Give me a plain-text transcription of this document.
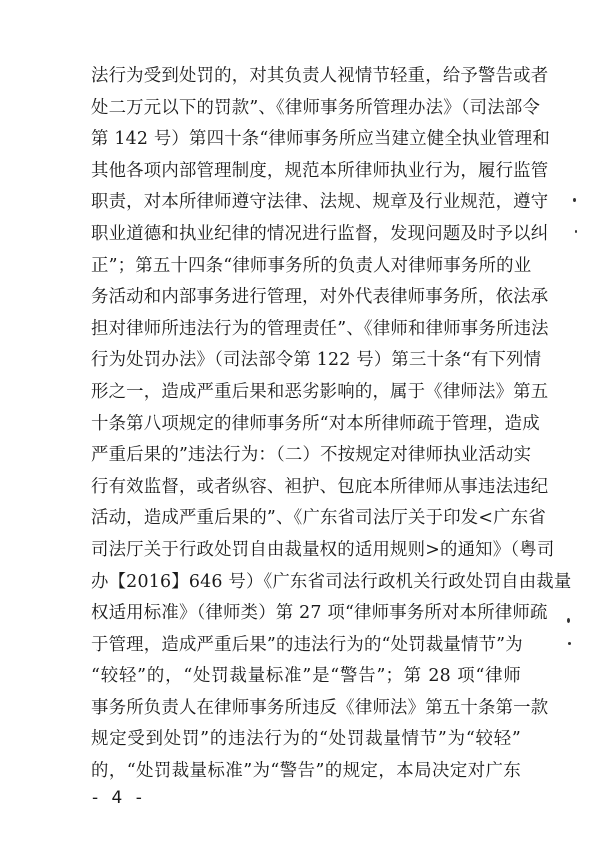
法行为受到处罚的，对其负责人视情节轻重，给予警告或者
处二万元以下的罚款”、《律师事务所管理办法》（司法部令
第 142 号）第四十条“律师事务所应当建立健全执业管理和
其他各项内部管理制度，规范本所律师执业行为，履行监管
职责，对本所律师遵守法律、法规、规章及行业规范，遵守
职业道德和执业纪律的情况进行监督，发现问题及时予以纠
正”；第五十四条“律师事务所的负责人对律师事务所的业
务活动和内部事务进行管理，对外代表律师事务所，依法承
担对律师所违法行为的管理责任”、《律师和律师事务所违法
行为处罚办法》（司法部令第 122 号）第三十条“有下列情
形之一，造成严重后果和恶劣影响的，属于《律师法》第五
十条第八项规定的律师事务所“对本所律师疏于管理，造成
严重后果的”违法行为：（二）不按规定对律师执业活动实
行有效监督，或者纵容、袒护、包庇本所律师从事违法违纪
活动，造成严重后果的”、《广东省司法厅关于印发<广东省
司法厅关于行政处罚自由裁量权的适用规则>的通知》（粤司
办【2016】646 号）《广东省司法行政机关行政处罚自由裁量
权适用标准》（律师类）第 27 项“律师事务所对本所律师疏
于管理，造成严重后果”的违法行为的“处罚裁量情节”为
“较轻”的，“处罚裁量标准”是“警告”；第 28 项“律师
事务所负责人在律师事务所违反《律师法》第五十条第一款
规定受到处罚”的违法行为的“处罚裁量情节”为“较轻”
的，“处罚裁量标准”为“警告”的规定，本局决定对广东
- 4 -
